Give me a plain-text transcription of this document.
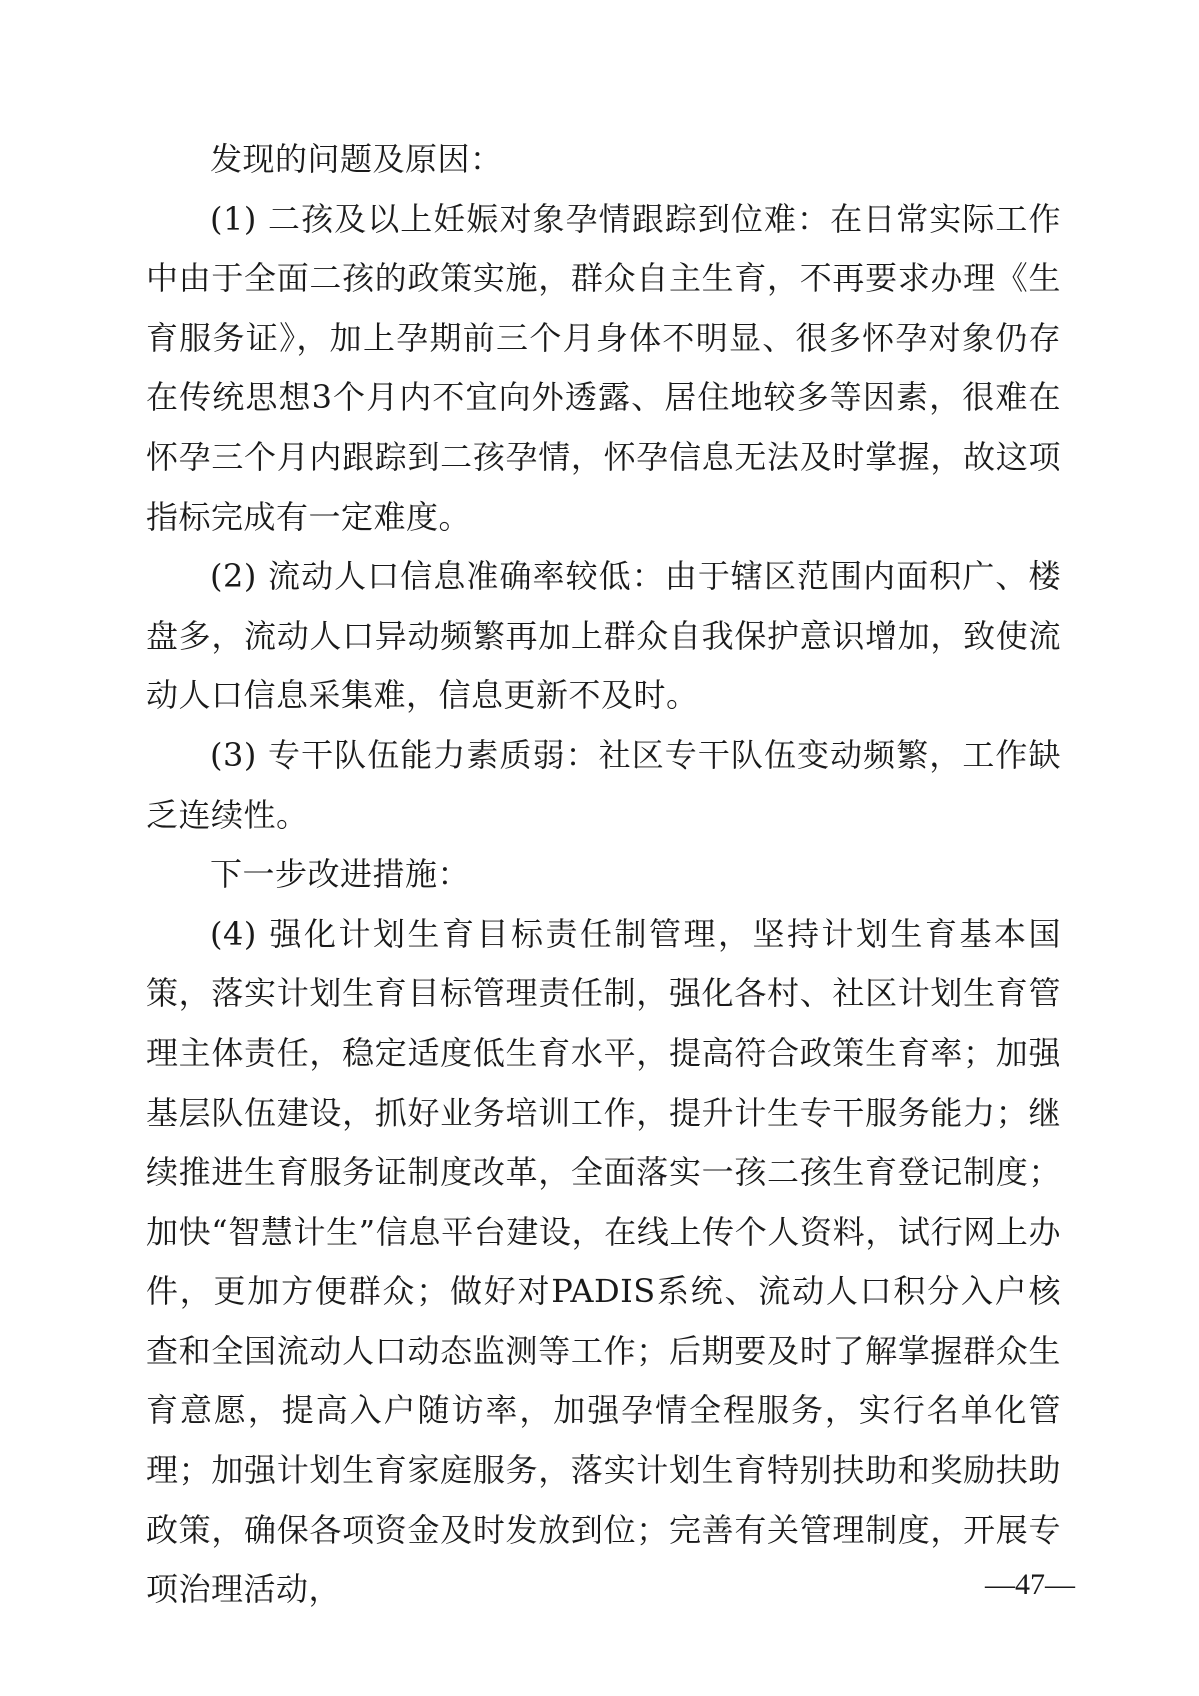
发现的问题及原因：

(1) 二孩及以上妊娠对象孕情跟踪到位难：在日常实际工作中由于全面二孩的政策实施，群众自主生育，不再要求办理《生育服务证》，加上孕期前三个月身体不明显、很多怀孕对象仍存在传统思想3个月内不宜向外透露、居住地较多等因素，很难在怀孕三个月内跟踪到二孩孕情，怀孕信息无法及时掌握，故这项指标完成有一定难度。

(2) 流动人口信息准确率较低：由于辖区范围内面积广、楼盘多，流动人口异动频繁再加上群众自我保护意识增加，致使流动人口信息采集难，信息更新不及时。

(3) 专干队伍能力素质弱：社区专干队伍变动频繁，工作缺乏连续性。

下一步改进措施：

(4) 强化计划生育目标责任制管理，坚持计划生育基本国策，落实计划生育目标管理责任制，强化各村、社区计划生育管理主体责任，稳定适度低生育水平，提高符合政策生育率；加强基层队伍建设，抓好业务培训工作，提升计生专干服务能力；继续推进生育服务证制度改革，全面落实一孩二孩生育登记制度；加快“智慧计生”信息平台建设，在线上传个人资料，试行网上办件，更加方便群众；做好对PADIS系统、流动人口积分入户核查和全国流动人口动态监测等工作；后期要及时了解掌握群众生育意愿，提高入户随访率，加强孕情全程服务，实行名单化管理；加强计划生育家庭服务，落实计划生育特别扶助和奖励扶助政策，确保各项资金及时发放到位；完善有关管理制度，开展专项治理活动，	—47—
